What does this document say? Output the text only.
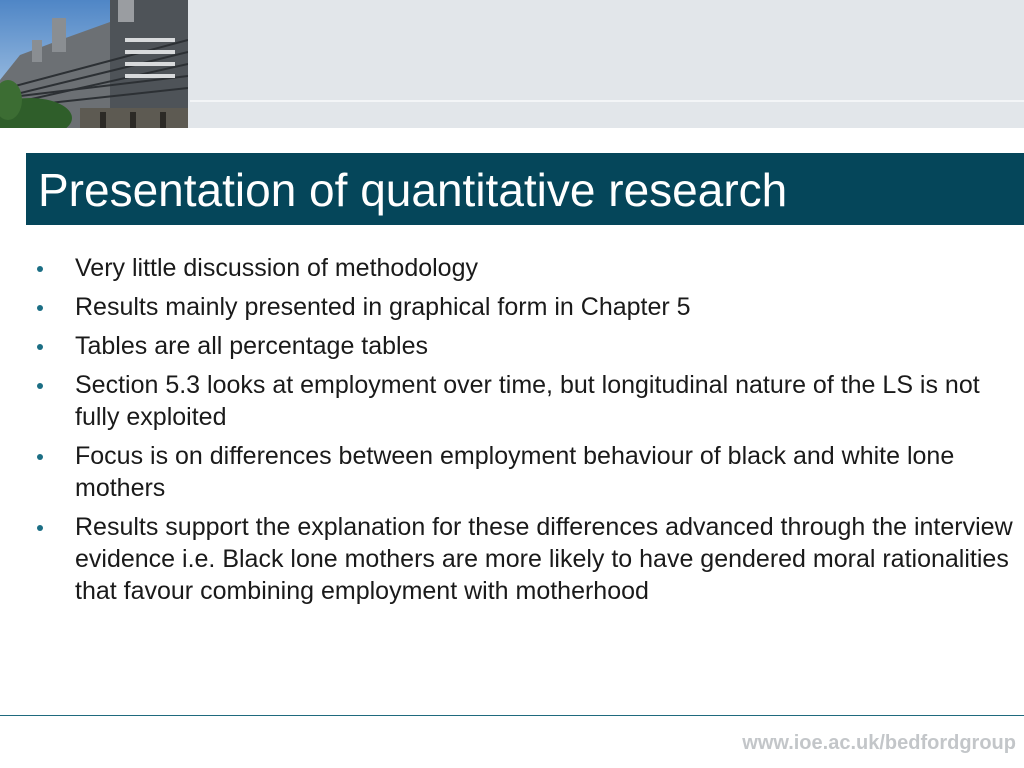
Presentation of quantitative research
Very little discussion of methodology
Results mainly presented in graphical form in Chapter 5
Tables are all percentage tables
Section 5.3 looks at employment over time, but longitudinal nature of the LS is not fully exploited
Focus is on differences between employment behaviour of black and white lone mothers
Results support the explanation for these differences advanced through the interview evidence i.e. Black lone mothers are more likely to have gendered moral rationalities that favour combining employment with motherhood
www.ioe.ac.uk/bedfordgroup
